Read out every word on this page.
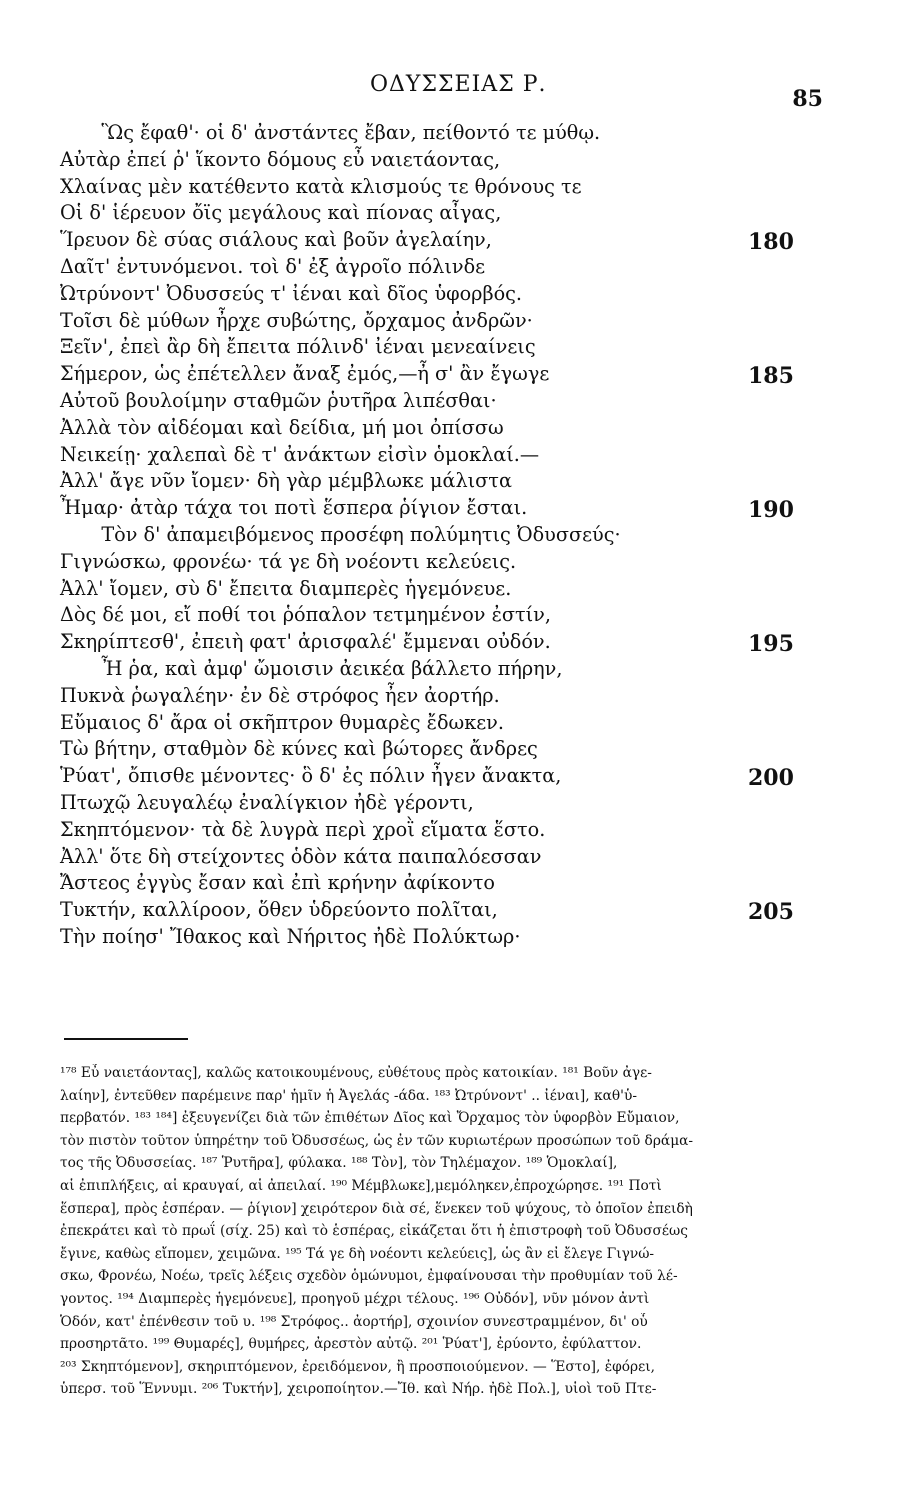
ΟΔΥΣΣΕΙΑΣ Ρ.
85
Ὣς ἔφαθ'· οἱ δ' ἀνστάντες ἔβαν, πείθοντό τε μύθῳ.
Αὐτὰρ ἐπεί ῥ' ἵκοντο δόμους εὖ ναιετάοντας,
Χλαίνας μὲν κατέθεντο κατὰ κλισμούς τε θρόνους τε
Οἱ δ' ἱέρευον ὄϊς μεγάλους καὶ πίονας αἶγας,
Ἵρευον δὲ σύας σιάλους καὶ βοῦν ἀγελαίην,
Δαῖτ' ἐντυνόμενοι. τοὶ δ' ἐξ ἀγροῖο πόλινδε
Ὠτρύνοντ' Ὀδυσσεύς τ' ἰέναι καὶ δῖος ὑφορβός.
Τοῖσι δὲ μύθων ἦρχε συβώτης, ὄρχαμος ἀνδρῶν·
Ξεῖν', ἐπεὶ ἂρ δὴ ἔπειτα πόλινδ' ἰέναι μενεαίνεις
Σήμερον, ὡς ἐπέτελλεν ἄναξ ἐμός,—ἦ σ' ἂν ἔγωγε
Αὐτοῦ βουλοίμην σταθμῶν ῥυτῆρα λιπέσθαι·
Ἀλλὰ τὸν αἰδέομαι καὶ δείδια, μή μοι ὀπίσσω
Νεικείῃ· χαλεπαὶ δὲ τ' ἀνάκτων εἰσὶν ὁμοκλαί.—
Ἀλλ' ἄγε νῦν ἴομεν· δὴ γὰρ μέμβλωκε μάλιστα
Ἦμαρ· ἀτὰρ τάχα τοι ποτὶ ἕσπερα ῥίγιον ἔσται.
Τὸν δ' ἀπαμειβόμενος προσέφη πολύμητις Ὀδυσσεύς·
Γιγνώσκω, φρονέω· τά γε δὴ νοέοντι κελεύεις.
Ἀλλ' ἴομεν, σὺ δ' ἔπειτα διαμπερὲς ἡγεμόνευε.
Δὸς δέ μοι, εἴ ποθί τοι ῥόπαλον τετμημένον ἐστίν,
Σκηρίπτεσθ', ἐπειὴ φατ' ἀρισφαλέ' ἔμμεναι οὐδόν.
Ἦ ῥα, καὶ ἀμφ' ὤμοισιν ἀεικέα βάλλετο πήρην,
Πυκνὰ ῥωγαλέην· ἐν δὲ στρόφος ἦεν ἀορτήρ.
Εὔμαιος δ' ἄρα οἱ σκῆπτρον θυμαρὲς ἔδωκεν.
Τὼ βήτην, σταθμὸν δὲ κύνες καὶ βώτορες ἄνδρες
Ῥύατ', ὄπισθε μένοντες· ὃ δ' ἐς πόλιν ἦγεν ἄνακτα,
Πτωχῷ λευγαλέῳ ἐναλίγκιον ἠδὲ γέροντι,
Σκηπτόμενον· τὰ δὲ λυγρὰ περὶ χροῒ εἵματα ἕστο.
Ἀλλ' ὅτε δὴ στείχοντες ὁδὸν κάτα παιπαλόεσσαν
Ἄστεος ἐγγὺς ἔσαν καὶ ἐπὶ κρήνην ἀφίκοντο
Τυκτήν, καλλίροον, ὅθεν ὑδρεύοντο πολῖται,
Τὴν ποίησ' Ἴθακος καὶ Νήριτος ἠδὲ Πολύκτωρ·
180
185
190
195
200
205
¹⁷⁸ Εὖ ναιετάοντας], καλῶς κατοικουμένους, εὐθέτους πρὸς κατοικίαν. ¹⁸¹ Βοῦν ἀγε-
λαίην], ἐντεῦθεν παρέμεινε παρ' ἡμῖν ἡ Ἀγελάς -άδα. ¹⁸³ Ὠτρύνοντ' .. ἰέναι], καθ'ὑ-
περβατόν. ¹⁸³ ¹⁸⁴] ἐξευγενίζει διὰ τῶν ἐπιθέτων Δῖος καὶ Ὄρχαμος τὸν ὑφορβὸν Εὔμαιον,
τὸν πιστὸν τοῦτον ὑπηρέτην τοῦ Ὀδυσσέως, ὡς ἐν τῶν κυριωτέρων προσώπων τοῦ δράμα-
τος τῆς Ὀδυσσείας. ¹⁸⁷ Ῥυτῆρα], φύλακα. ¹⁸⁸ Τὸν], τὸν Τηλέμαχον. ¹⁸⁹ Ὁμοκλαί],
αἱ ἐπιπλήξεις, αἱ κραυγαί, αἱ ἀπειλαί. ¹⁹⁰ Μέμβλωκε],μεμόληκεν,ἐπροχώρησε. ¹⁹¹ Ποτὶ
ἕσπερα], πρὸς ἑσπέραν. — ῥίγιον] χειρότερον διὰ σέ, ἕνεκεν τοῦ ψύχους, τὸ ὁποῖον ἐπειδὴ
ἐπεκράτει καὶ τὸ πρωΐ (σίχ. 25) καὶ τὸ ἑσπέρας, εἰκάζεται ὅτι ἡ ἐπιστροφὴ τοῦ Ὀδυσσέως
ἔγινε, καθὼς εἴπομεν, χειμῶνα. ¹⁹⁵ Τά γε δὴ νοέοντι κελεύεις], ὡς ἂν εἰ ἔλεγε Γιγνώ-
σκω, Φρονέω, Νοέω, τρεῖς λέξεις σχεδὸν ὁμώνυμοι, ἐμφαίνουσαι τὴν προθυμίαν τοῦ λέ-
γοντος. ¹⁹⁴ Διαμπερὲς ἡγεμόνευε], προηγοῦ μέχρι τέλους. ¹⁹⁶ Οὐδόν], νῦν μόνον ἀντὶ
Ὁδόν, κατ' ἐπένθεσιν τοῦ υ. ¹⁹⁸ Στρόφος.. ἀορτήρ], σχοινίον συνεστραμμένον, δι' οὗ
προσηρτᾶτο. ¹⁹⁹ Θυμαρές], θυμήρες, ἀρεστὸν αὐτῷ. ²⁰¹ Ῥύατ'], ἐρύοντο, ἐφύλαττον.
²⁰³ Σκηπτόμενον], σκηριπτόμενον, ἐρειδόμενον, ἢ προσποιούμενον. — Ἕστο], ἐφόρει,
ὑπερσ. τοῦ Ἕννυμι. ²⁰⁶ Τυκτήν], χειροποίητον.—Ἴθ. καὶ Νήρ. ἠδὲ Πολ.], υἱοὶ τοῦ Πτε-
